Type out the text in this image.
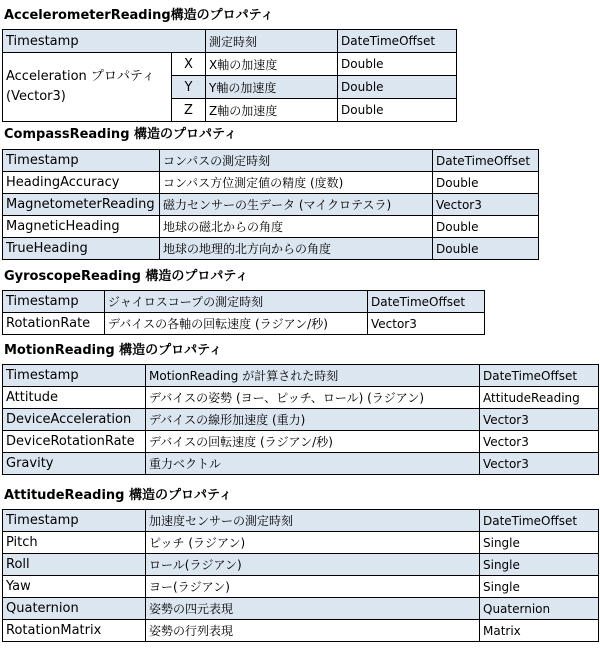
AccelerometerReading構造のプロパティ
Timestamp		測定時刻	DateTimeOffset

Acceleration プロパティ (Vector3)	X	X軸の加速度	Double
	Y	Y軸の加速度	Double
	Z	Z軸の加速度	Double
CompassReading 構造のプロパティ
Timestamp	コンパスの測定時刻	DateTimeOffset
HeadingAccuracy	コンパス方位測定値の精度 (度数)	Double
MagnetometerReading	磁力センサーの生データ (マイクロテスラ)	Vector3
MagneticHeading	地球の磁北からの角度	Double
TrueHeading	地球の地理的北方向からの角度	Double
GyroscopeReading 構造のプロパティ
Timestamp	ジャイロスコープの測定時刻	DateTimeOffset
RotationRate	デバイスの各軸の回転速度 (ラジアン/秒)	Vector3
MotionReading 構造のプロパティ
Timestamp	MotionReading が計算された時刻	DateTimeOffset
Attitude	デバイスの姿勢 (ヨー、ピッチ、ロール) (ラジアン)	AttitudeReading
DeviceAcceleration	デバイスの線形加速度 (重力)	Vector3
DeviceRotationRate	デバイスの回転速度 (ラジアン/秒)	Vector3
Gravity	重力ベクトル	Vector3
AttitudeReading 構造のプロパティ
Timestamp	加速度センサーの測定時刻	DateTimeOffset
Pitch	ピッチ (ラジアン)	Single
Roll	ロール(ラジアン)	Single
Yaw	ヨー(ラジアン)	Single
Quaternion	姿勢の四元表現	Quaternion
RotationMatrix	姿勢の行列表現	Matrix
